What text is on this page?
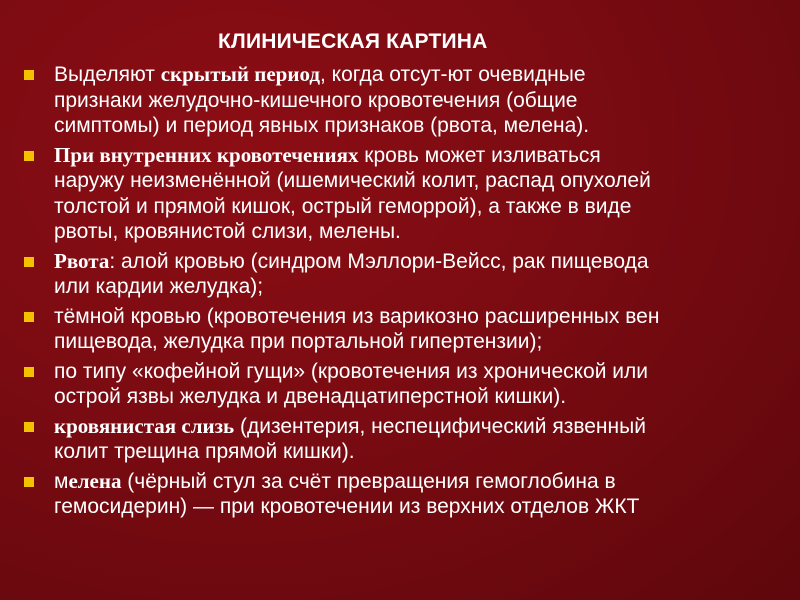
КЛИНИЧЕСКАЯ КАРТИНА
Выделяют скрытый период, когда отсут-ют очевидные
признаки желудочно-кишечного кровотечения (общие
симптомы) и период явных признаков (рвота, мелена).
При внутренних кровотечениях кровь может изливаться
наружу неизменённой (ишемический колит, распад опухолей
толстой и прямой кишок, острый геморрой), а также в виде
рвоты, кровянистой слизи, мелены.
Рвота: алой кровью (синдром Мэллори-Вейсс, рак пищевода
или кардии желудка);
тёмной кровью (кровотечения из варикозно расширенных вен
пищевода, желудка при портальной гипертензии);
по типу «кофейной гущи» (кровотечения из хронической или
острой язвы желудка и двенадцатиперстной кишки).
кровянистая слизь (дизентерия, неспецифический язвенный
колит трещина прямой кишки).
мелена (чёрный стул за счёт превращения гемоглобина в
гемосидерин) — при кровотечении из верхних отделов ЖКТ
